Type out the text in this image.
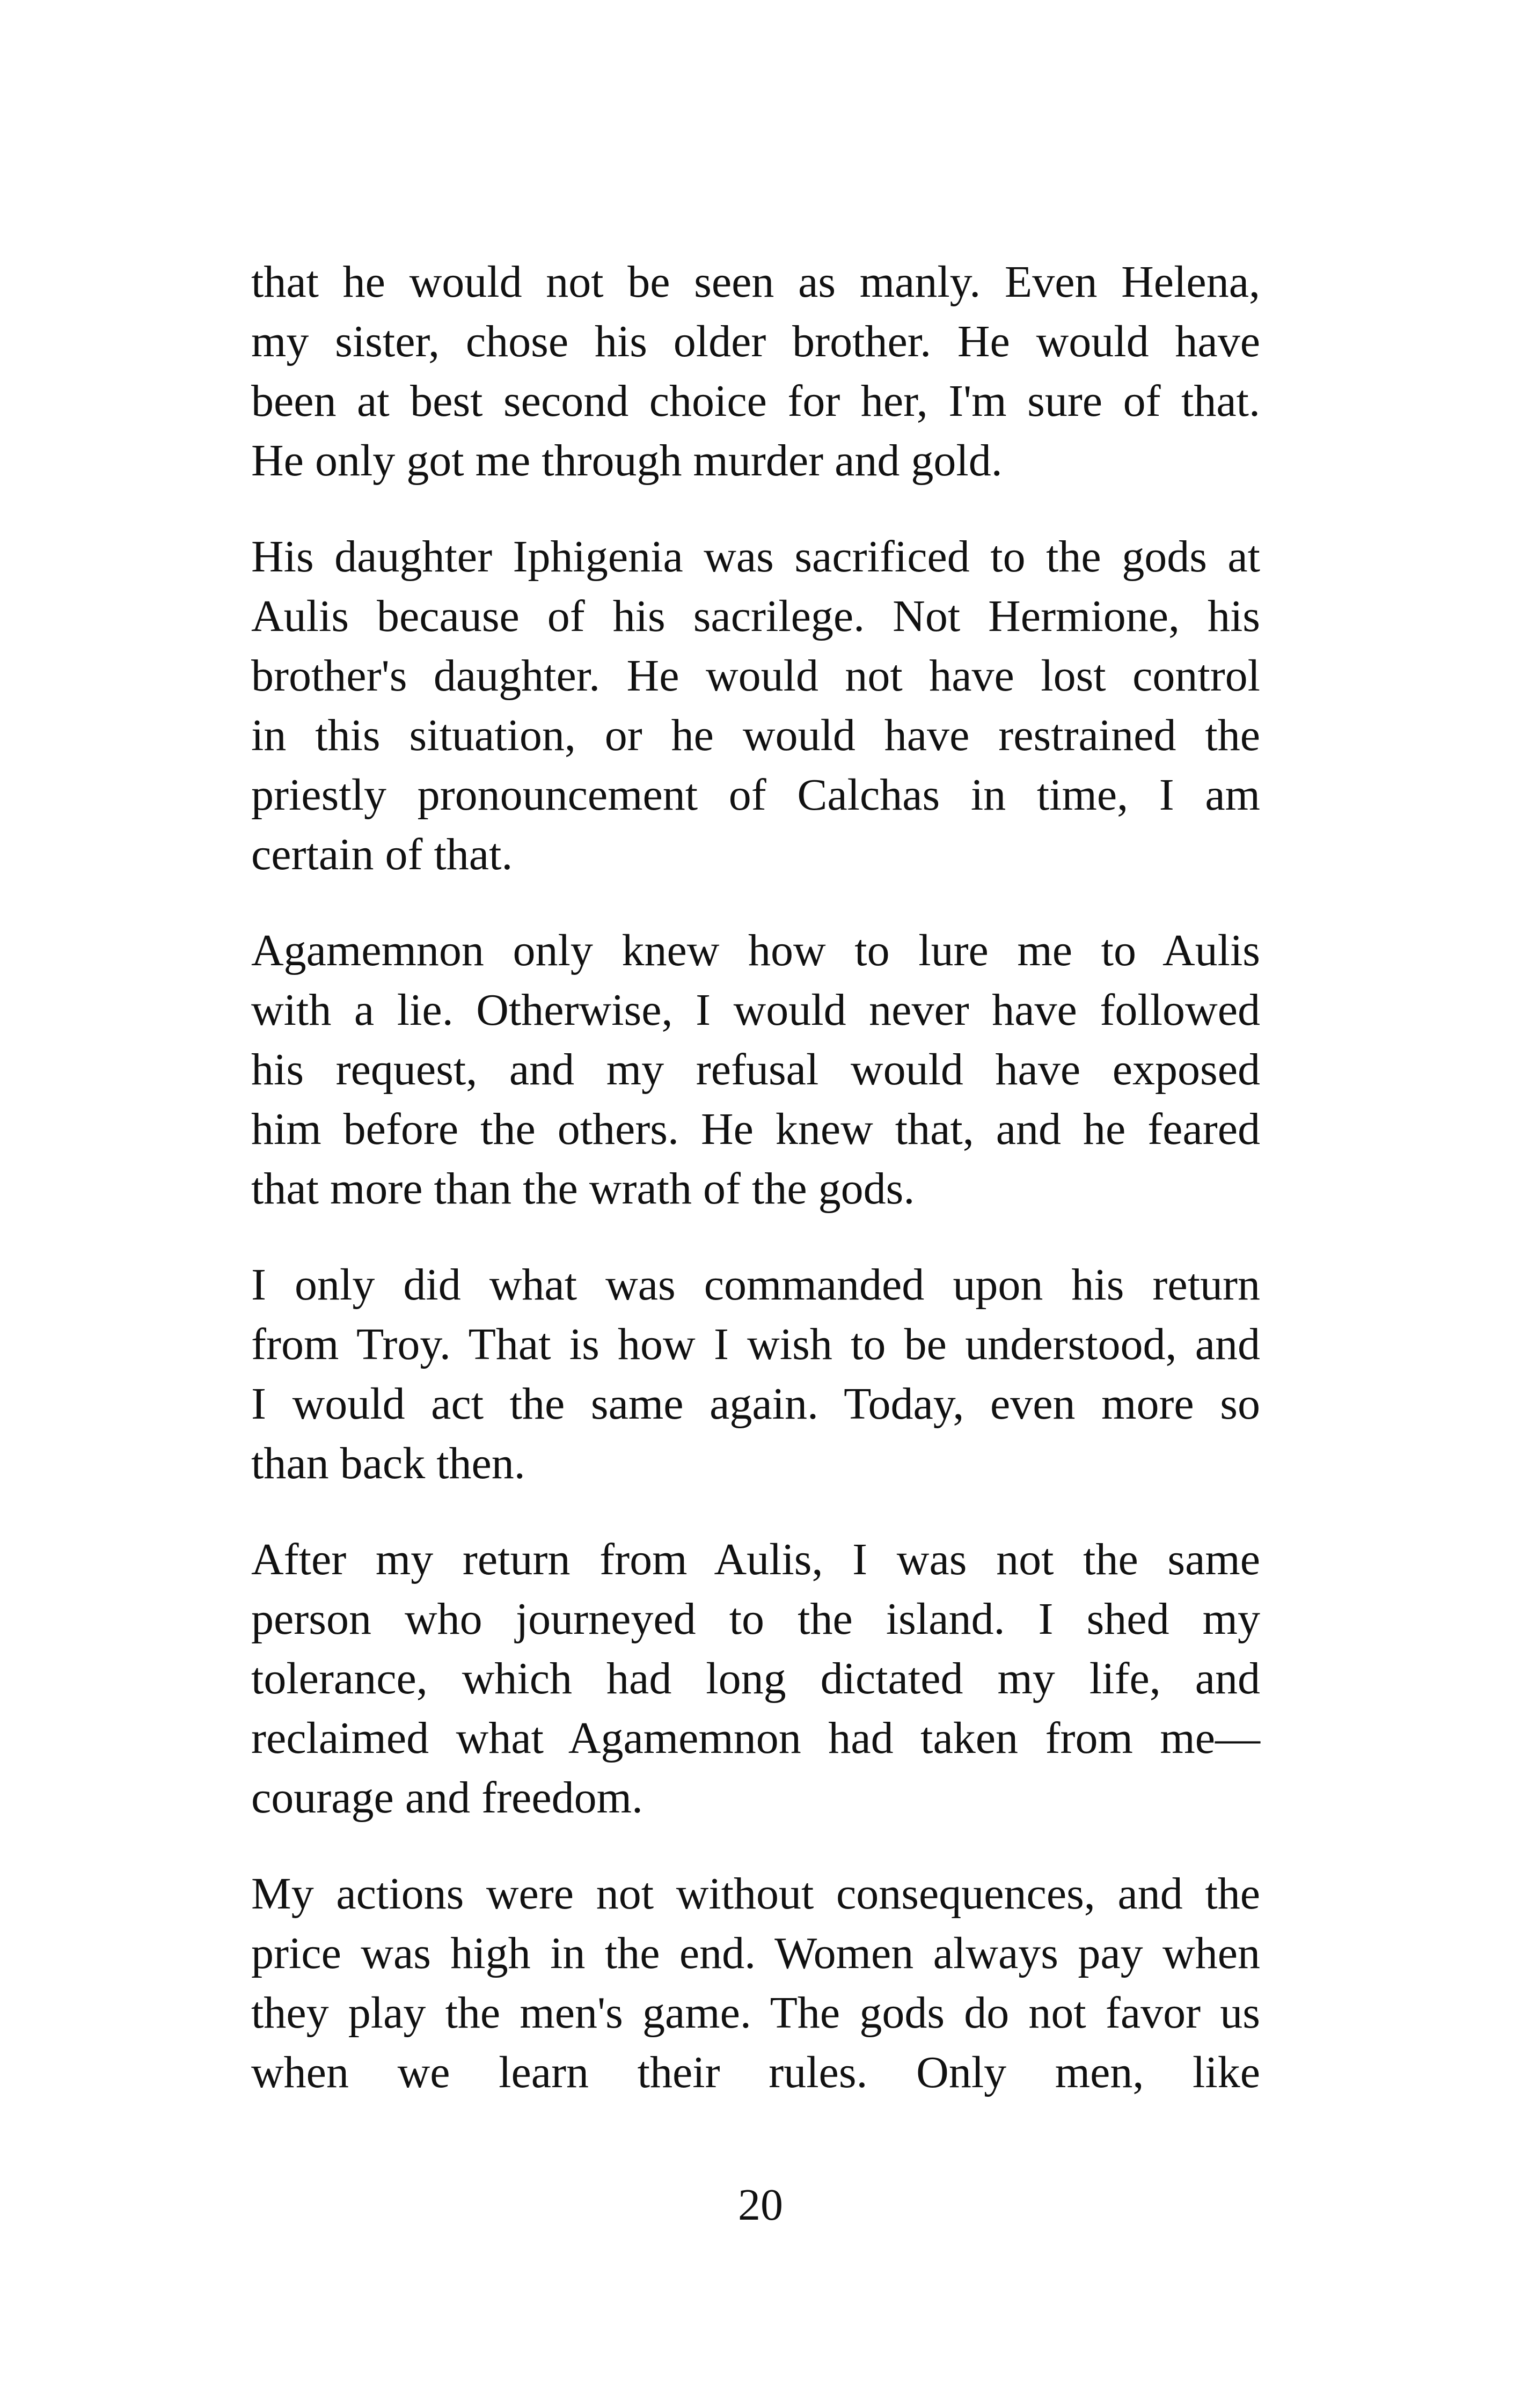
that he would not be seen as manly. Even Helena,
my sister, chose his older brother. He would have
been at best second choice for her, I'm sure of that.
He only got me through murder and gold.

His daughter Iphigenia was sacrificed to the gods at
Aulis because of his sacrilege. Not Hermione, his
brother's daughter. He would not have lost control
in this situation, or he would have restrained the
priestly pronouncement of Calchas in time, I am
certain of that.

Agamemnon only knew how to lure me to Aulis
with a lie. Otherwise, I would never have followed
his request, and my refusal would have exposed
him before the others. He knew that, and he feared
that more than the wrath of the gods.

I only did what was commanded upon his return
from Troy. That is how I wish to be understood, and
I would act the same again. Today, even more so
than back then.

After my return from Aulis, I was not the same
person who journeyed to the island. I shed my
tolerance, which had long dictated my life, and
reclaimed what Agamemnon had taken from me—
courage and freedom.

My actions were not without consequences, and the
price was high in the end. Women always pay when
they play the men's game. The gods do not favor us
when we learn their rules. Only men, like

20
